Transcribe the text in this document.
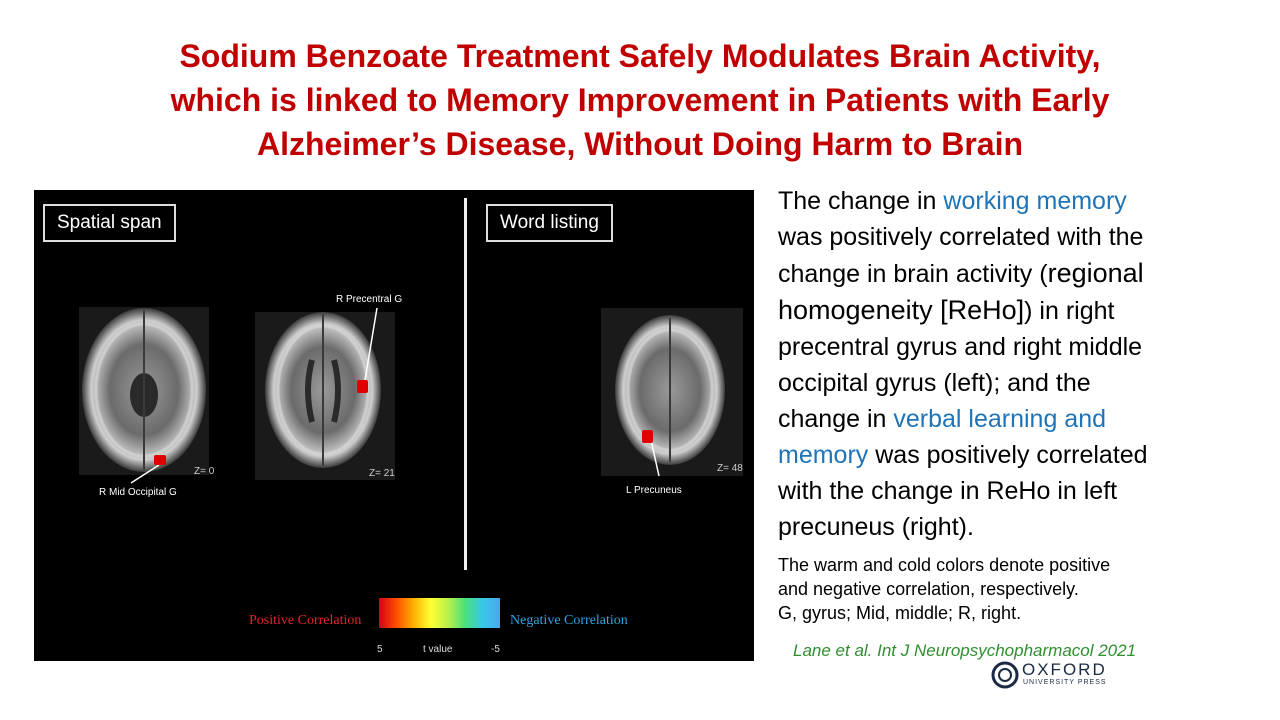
Sodium Benzoate Treatment Safely Modulates Brain Activity,
which is linked to Memory Improvement in Patients with Early
Alzheimer’s Disease, Without Doing Harm to Brain
Spatial span	Word listing
R Precentral G
R Mid Occipital G	L Precuneus
Z= 0	Z= 21	Z= 48
Positive Correlation	Negative Correlation
5	t value	-5
The change in working memory
was positively correlated with the
change in brain activity (regional
homogeneity [ReHo]) in right
precentral gyrus and right middle
occipital gyrus (left); and the
change in verbal learning and
memory was positively correlated
with the change in ReHo in left
precuneus (right).
The warm and cold colors denote positive
and negative correlation, respectively.
G, gyrus; Mid, middle; R, right.
Lane et al. Int J Neuropsychopharmacol 2021
OXFORD
UNIVERSITY PRESS
